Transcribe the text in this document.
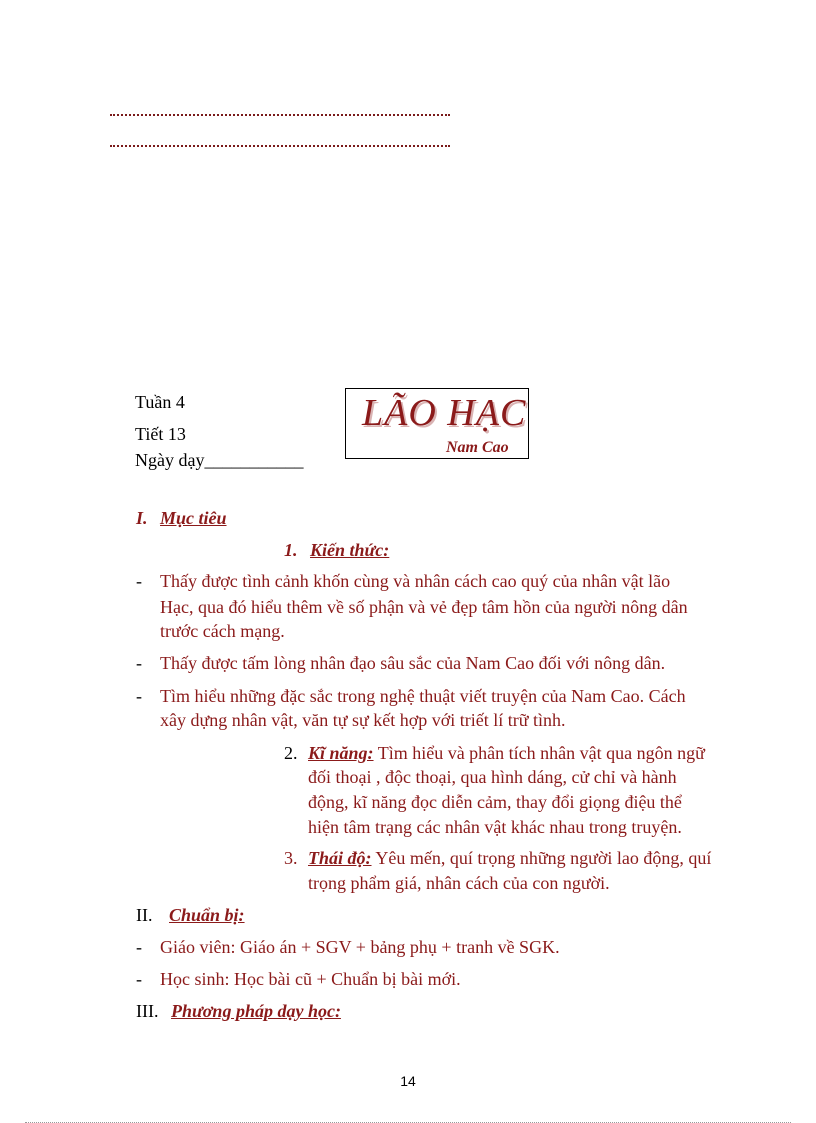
Tuần 4
Tiết 13
Ngày dạy___________
LÃO HẠC
Nam Cao
I. Mục tiêu
1. Kiến thức:
- Thấy được tình cảnh khốn cùng và nhân cách cao quý của nhân vật lão
Hạc, qua đó hiểu thêm về số phận và vẻ đẹp tâm hồn của người nông dân
trước cách mạng.
- Thấy được tấm lòng nhân đạo sâu sắc của Nam Cao đối với nông dân.
- Tìm hiểu những đặc sắc trong nghệ thuật viết truyện của Nam Cao. Cách
xây dựng nhân vật, văn tự sự kết hợp với triết lí trữ tình.
2. Kĩ năng: Tìm hiểu và phân tích nhân vật qua ngôn ngữ
đối thoại , độc thoại, qua hình dáng, cử chỉ và hành
động, kĩ năng đọc diễn cảm, thay đổi giọng điệu thể
hiện tâm trạng các nhân vật khác nhau trong truyện.
3. Thái độ: Yêu mến, quí trọng những người lao động, quí
trọng phẩm giá, nhân cách của con người.
II. Chuẩn bị:
- Giáo viên: Giáo án + SGV + bảng phụ + tranh về SGK.
- Học sinh: Học bài cũ + Chuẩn bị bài mới.
III. Phương pháp dạy học:
14
